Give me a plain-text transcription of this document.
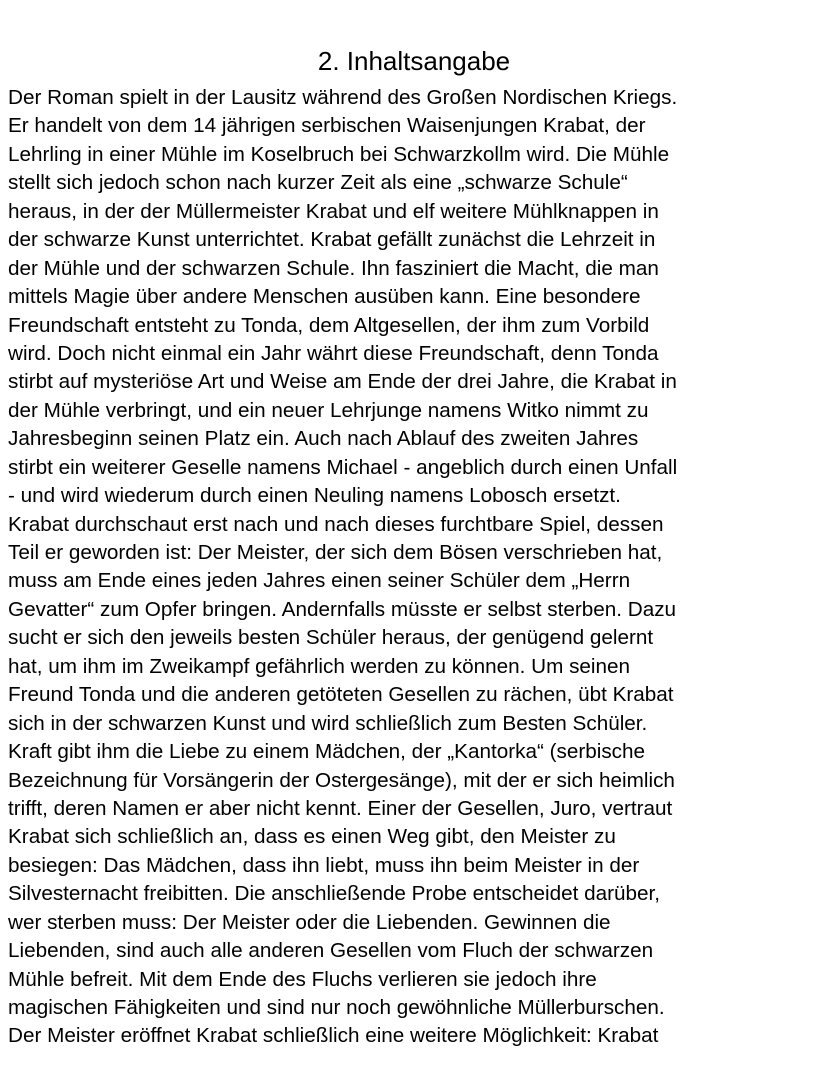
2. Inhaltsangabe
Der Roman spielt in der Lausitz während des Großen Nordischen Kriegs.
Er handelt von dem 14 jährigen serbischen Waisenjungen Krabat, der
Lehrling in einer Mühle im Koselbruch bei Schwarzkollm wird. Die Mühle
stellt sich jedoch schon nach kurzer Zeit als eine „schwarze Schule“
heraus, in der der Müllermeister Krabat und elf weitere Mühlknappen in
der schwarze Kunst unterrichtet. Krabat gefällt zunächst die Lehrzeit in
der Mühle und der schwarzen Schule. Ihn fasziniert die Macht, die man
mittels Magie über andere Menschen ausüben kann. Eine besondere
Freundschaft entsteht zu Tonda, dem Altgesellen, der ihm zum Vorbild
wird. Doch nicht einmal ein Jahr währt diese Freundschaft, denn Tonda
stirbt auf mysteriöse Art und Weise am Ende der drei Jahre, die Krabat in
der Mühle verbringt, und ein neuer Lehrjunge namens Witko nimmt zu
Jahresbeginn seinen Platz ein. Auch nach Ablauf des zweiten Jahres
stirbt ein weiterer Geselle namens Michael - angeblich durch einen Unfall
- und wird wiederum durch einen Neuling namens Lobosch ersetzt.
Krabat durchschaut erst nach und nach dieses furchtbare Spiel, dessen
Teil er geworden ist: Der Meister, der sich dem Bösen verschrieben hat,
muss am Ende eines jeden Jahres einen seiner Schüler dem „Herrn
Gevatter“ zum Opfer bringen. Andernfalls müsste er selbst sterben. Dazu
sucht er sich den jeweils besten Schüler heraus, der genügend gelernt
hat, um ihm im Zweikampf gefährlich werden zu können. Um seinen
Freund Tonda und die anderen getöteten Gesellen zu rächen, übt Krabat
sich in der schwarzen Kunst und wird schließlich zum Besten Schüler.
Kraft gibt ihm die Liebe zu einem Mädchen, der „Kantorka“ (serbische
Bezeichnung für Vorsängerin der Ostergesänge), mit der er sich heimlich
trifft, deren Namen er aber nicht kennt. Einer der Gesellen, Juro, vertraut
Krabat sich schließlich an, dass es einen Weg gibt, den Meister zu
besiegen: Das Mädchen, dass ihn liebt, muss ihn beim Meister in der
Silvesternacht freibitten. Die anschließende Probe entscheidet darüber,
wer sterben muss: Der Meister oder die Liebenden. Gewinnen die
Liebenden, sind auch alle anderen Gesellen vom Fluch der schwarzen
Mühle befreit. Mit dem Ende des Fluchs verlieren sie jedoch ihre
magischen Fähigkeiten und sind nur noch gewöhnliche Müllerburschen.
Der Meister eröffnet Krabat schließlich eine weitere Möglichkeit: Krabat
